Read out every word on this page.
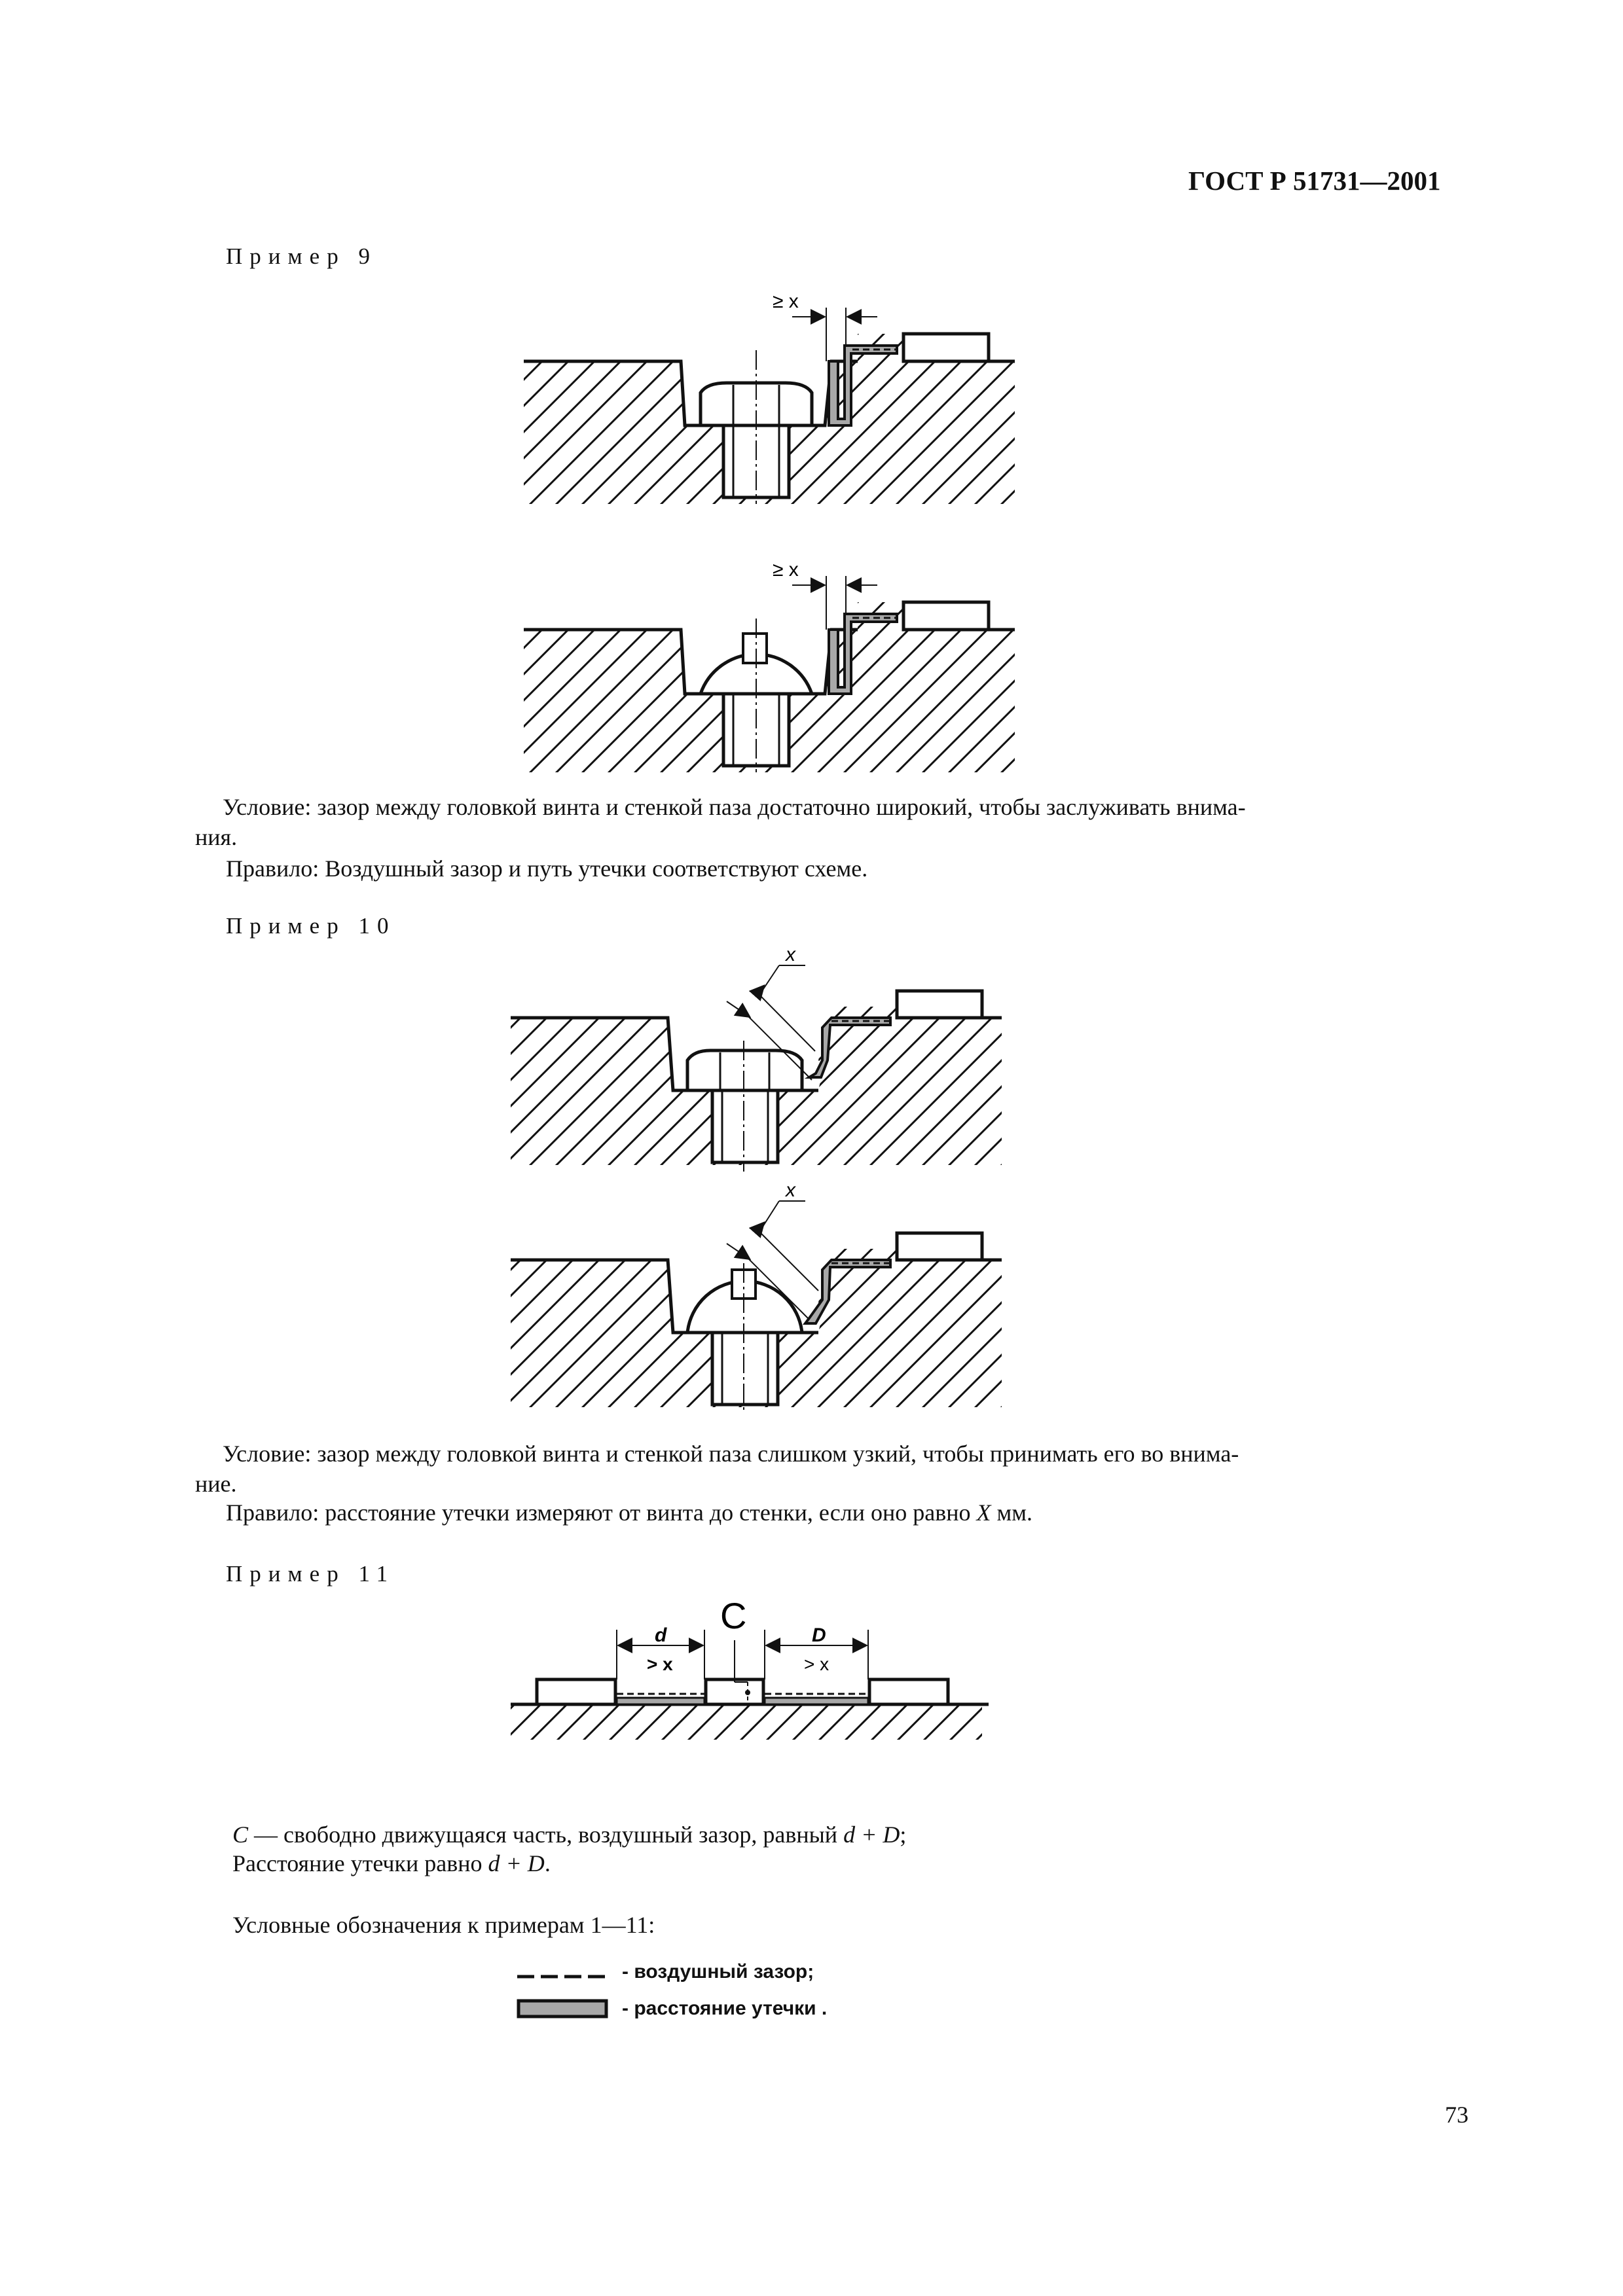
ГОСТ Р 51731—2001
Пример 9
≥ x
≥ x
Условие: зазор между головкой винта и стенкой паза достаточно широкий, чтобы заслуживать внима-
ния.
Правило: Воздушный зазор и путь утечки соответствуют схеме.
Пример 10
x
x
Условие: зазор между головкой винта и стенкой паза слишком узкий, чтобы принимать его во внима-
ние.
Правило: расстояние утечки измеряют от винта до стенки, если оно равно X мм.
Пример 11
d	D
> x	> x
C
C — свободно движущаяся часть, воздушный зазор, равный d + D;
Расстояние утечки равно d + D.
Условные обозначения к примерам 1—11:
- воздушный зазор;
- расстояние утечки .
73
